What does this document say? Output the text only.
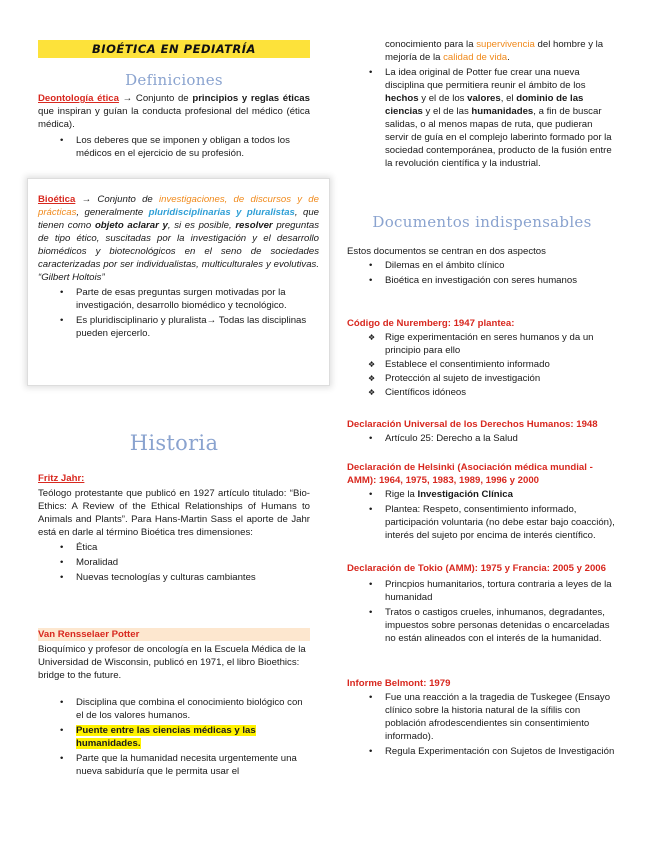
BIOÉTICA EN PEDIATRÍA
Definiciones

Deontología ética → Conjunto de principios y reglas éticas que inspiran y guían la conducta profesional del médico (ética médica).

• Los deberes que se imponen y obligan a todos los médicos en el ejercicio de su profesión.

Bioética → Conjunto de investigaciones, de discursos y de prácticas, generalmente pluridisciplinarias y pluralistas, que tienen como objeto aclarar y, si es posible, resolver preguntas de tipo ético, suscitadas por la investigación y el desarrollo biomédicos y biotecnológicos en el seno de sociedades caracterizadas por ser individualistas, multiculturales y evolutivas. “Gilbert Holtois”

• Parte de esas preguntas surgen motivadas por la investigación, desarrollo biomédico y tecnológico.
• Es pluridisciplinario y pluralista→ Todas las disciplinas pueden ejercerlo.
Historia

Fritz Jahr:

Teólogo protestante que publicó en 1927 artículo titulado: “Bio-Ethics: A Review of the Ethical Relationships of Humans to Animals and Plants”. Para Hans-Martin Sass el aporte de Jahr está en darle al término Bioética tres dimensiones:

• Ética
• Moralidad
• Nuevas tecnologías y culturas cambiantes

Van Rensselaer Potter

Bioquímico y profesor de oncología en la Escuela Médica de la Universidad de Wisconsin, publicó en 1971, el libro Bioethics: bridge to the future.

• Disciplina que combina el conocimiento biológico con el de los valores humanos.
• Puente entre las ciencias médicas y las humanidades.
• Parte que la humanidad necesita urgentemente una nueva sabiduría que le permita usar el

conocimiento para la supervivencia del hombre y la mejoría de la calidad de vida.

• La idea original de Potter fue crear una nueva disciplina que permitiera reunir el ámbito de los hechos y el de los valores, el dominio de las ciencias y el de las humanidades, a fin de buscar salidas, o al menos mapas de ruta, que pudieran servir de guía en el complejo laberinto formado por la sociedad contemporánea, producto de la fusión entre la revolución científica y la industrial.
Documentos indispensables

Estos documentos se centran en dos aspectos

• Dilemas en el ámbito clínico
• Bioética en investigación con seres humanos

Código de Nuremberg: 1947 plantea:

❖ Rige experimentación en seres humanos y da un principio para ello
❖ Establece el consentimiento informado
❖ Protección al sujeto de investigación
❖ Científicos idóneos

Declaración Universal de los Derechos Humanos: 1948

• Artículo 25: Derecho a la Salud

Declaración de Helsinki (Asociación médica mundial - AMM): 1964, 1975, 1983, 1989, 1996 y 2000

• Rige la Investigación Clínica
• Plantea: Respeto, consentimiento informado, participación voluntaria (no debe estar bajo coacción), interés del sujeto por encima de interés científico.

Declaración de Tokio (AMM): 1975 y Francia: 2005 y 2006

• Princpios humanitarios, tortura contraria a leyes de la humanidad
• Tratos o castigos crueles, inhumanos, degradantes, impuestos sobre personas detenidas o encarceladas no están alineados con el interés de la humanidad.

Informe Belmont: 1979

• Fue una reacción a la tragedia de Tuskegee (Ensayo clínico sobre la historia natural de la sífilis con población afrodescendientes sin consentimiento informado).
• Regula Experimentación con Sujetos de Investigación
